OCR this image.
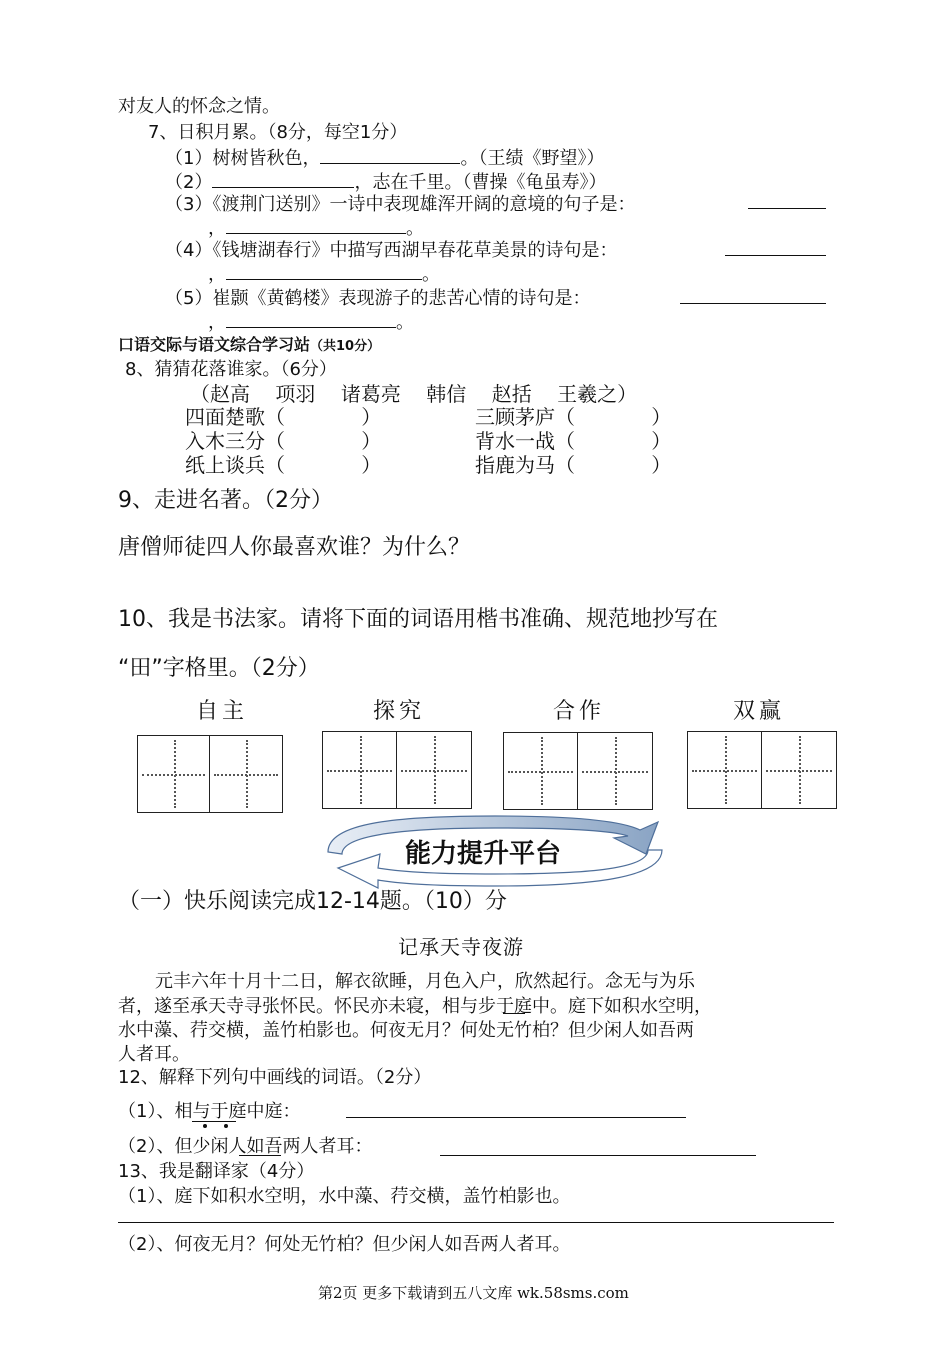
对友人的怀念之情。
7、日积月累。（8分，每空1分）
（1）树树皆秋色，	。（王绩《野望》）
（2）	，志在千里。（曹操《龟虽寿》）
（3）《渡荆门送别》一诗中表现雄浑开阔的意境的句子是：
，	。
（4）《钱塘湖春行》中描写西湖早春花草美景的诗句是：
，	。
（5）崔颢《黄鹤楼》表现游子的悲苦心情的诗句是：
，	。
口语交际与语文综合学习站（共10分）
8、猜猜花落谁家。（6分）
（赵高    项羽    诸葛亮    韩信    赵括    王羲之）
四面楚歌（            ）	三顾茅庐（            ）
入木三分（            ）	背水一战（            ）
纸上谈兵（            ）	指鹿为马（            ）
9、走进名著。（2分）
唐僧师徒四人你最喜欢谁？为什么？
10、我是书法家。请将下面的词语用楷书准确、规范地抄写在
“田”字格里。（2分）
自主	探究	合作	双赢
能力提升平台
（一）快乐阅读完成12-14题。（10）分
记承天寺夜游
元丰六年十月十二日，解衣欲睡，月色入户，欣然起行。念无与为乐
者，遂至承天寺寻张怀民。怀民亦未寝，相与步于庭中。庭下如积水空明，
水中藻、荇交横，盖竹柏影也。何夜无月？何处无竹柏？但少闲人如吾两
人者耳。
12、解释下列句中画线的词语。（2分）
（1）、相与于庭中庭：
（2）、但少闲人如吾两人者耳：
13、我是翻译家（4分）
（1）、庭下如积水空明，水中藻、荇交横，盖竹柏影也。
（2）、何夜无月？何处无竹柏？但少闲人如吾两人者耳。
第2页 更多下载请到五八文库 wk.58sms.com
